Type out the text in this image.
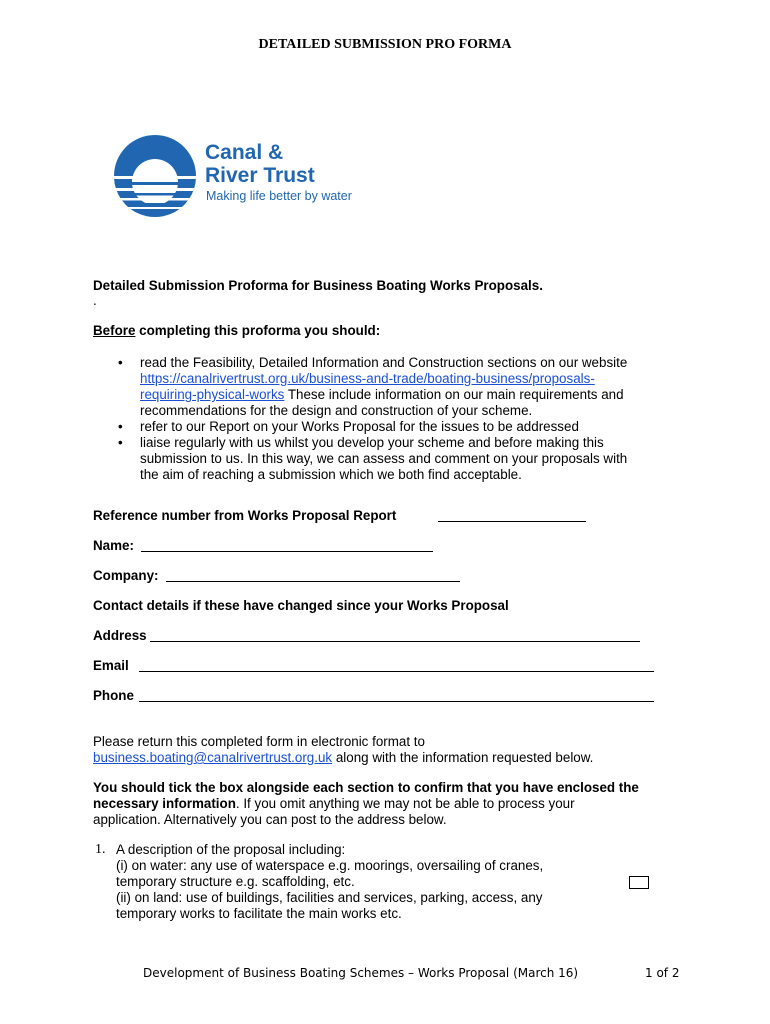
DETAILED SUBMISSION PRO FORMA
Canal &
River Trust
Making life better by water
Detailed Submission Proforma for Business Boating Works Proposals.
.
Before completing this proforma you should:
• read the Feasibility, Detailed Information and Construction sections on our website

https://canalrivertrust.org.uk/business-and-trade/boating-business/proposals-
requiring-physical-works These include information on our main requirements and

recommendations for the design and construction of your scheme.

• refer to our Report on your Works Proposal for the issues to be addressed

• liaise regularly with us whilst you develop your scheme and before making this

submission to us. In this way, we can assess and comment on your proposals with

the aim of reaching a submission which we both find acceptable.

Reference number from Works Proposal Report
Name:
Company:
Contact details if these have changed since your Works Proposal
Address
Email
Phone

Please return this completed form in electronic format to

business.boating@canalrivertrust.org.uk along with the information requested below.

You should tick the box alongside each section to confirm that you have enclosed the

necessary information. If you omit anything we may not be able to process your

application. Alternatively you can post to the address below.

1. A description of the proposal including:

(i) on water: any use of waterspace e.g. moorings, oversailing of cranes,

temporary structure e.g. scaffolding, etc.

(ii) on land: use of buildings, facilities and services, parking, access, any

temporary works to facilitate the main works etc.

Development of Business Boating Schemes – Works Proposal (March 16)	1 of 2
